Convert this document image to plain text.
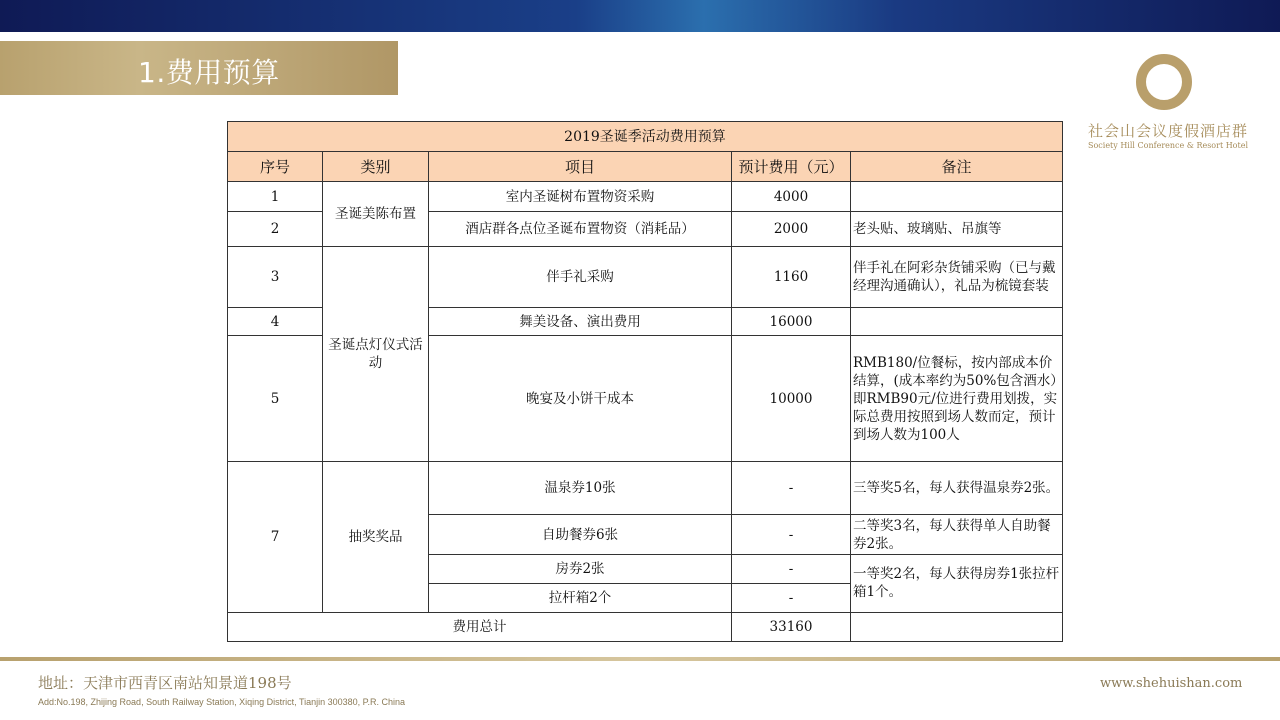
1.费用预算
社会山会议度假酒店群
Society Hill Conference & Resort Hotel
2019圣诞季活动费用预算				
序号	类别	项目	预计费用（元）	备注
1	圣诞美陈布置	室内圣诞树布置物资采购	4000	
2		酒店群各点位圣诞布置物资（消耗品）	2000	老头贴、玻璃贴、吊旗等
3	圣诞点灯仪式活动	伴手礼采购	1160	伴手礼在阿彩杂货铺采购（已与戴经理沟通确认），礼品为梳镜套装
4		舞美设备、演出费用	16000	
5		晚宴及小饼干成本	10000	RMB180/位餐标，按内部成本价结算，(成本率约为50%包含酒水）即RMB90元/位进行费用划拨，实际总费用按照到场人数而定，预计到场人数为100人
7	抽奖奖品	温泉券10张	-	三等奖5名，每人获得温泉券2张。
		自助餐券6张	-	二等奖3名，每人获得单人自助餐券2张。
		房券2张	-	一等奖2名，每人获得房券1张拉杆箱1个。
		拉杆箱2个	-	
费用总计			33160	
地址：天津市西青区南站知景道198号
Add:No.198, Zhijing Road, South Railway Station, Xiqing District, Tianjin 300380, P.R. China
www.shehuishan.com
